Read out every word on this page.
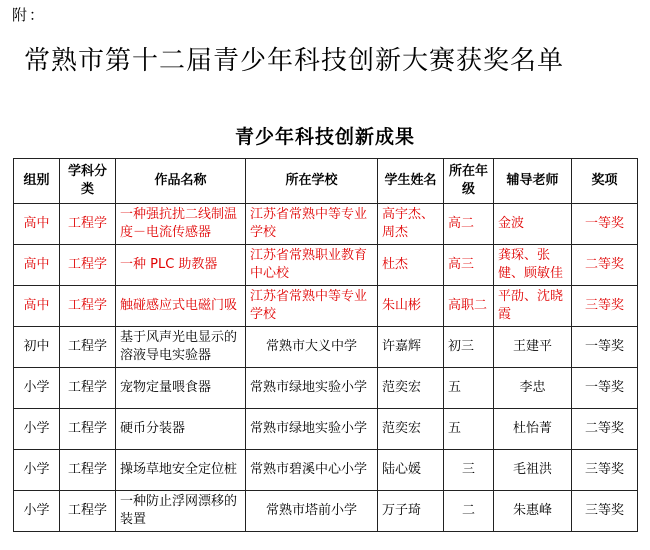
附：
常熟市第十二届青少年科技创新大赛获奖名单
青少年科技创新成果
组别	学科分类	作品名称	所在学校	学生姓名	所在年级	辅导老师	奖项
高中	工程学	一种强抗扰二线制温度－电流传感器	江苏省常熟中等专业学校	高宇杰、周杰	高二	金波	一等奖
高中	工程学	一种 PLC 助教器	江苏省常熟职业教育中心校	杜杰	高三	龚琛、张健、顾敏佳	二等奖
高中	工程学	触碰感应式电磁门吸	江苏省常熟中等专业学校	朱山彬	高职二	平劭、沈晓霞	三等奖
初中	工程学	基于风声光电显示的溶液导电实验器	常熟市大义中学	许嘉辉	初三	王建平	一等奖
小学	工程学	宠物定量喂食器	常熟市绿地实验小学	范奕宏	五	李忠	一等奖
小学	工程学	硬币分装器	常熟市绿地实验小学	范奕宏	五	杜怡菁	二等奖
小学	工程学	操场草地安全定位桩	常熟市碧溪中心小学	陆心媛	三	毛祖洪	三等奖
小学	工程学	一种防止浮网漂移的装置	常熟市塔前小学	万子琦	二	朱惠峰	三等奖
